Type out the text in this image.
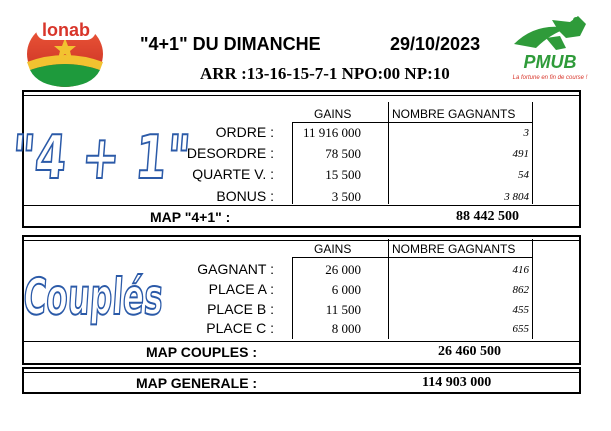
lonab
"4+1" DU DIMANCHE	29/10/2023
ARR :13-16-15-7-1 NPO:00 NP:10
PMUB
La fortune en fin de course !
"4 + 1"
GAINS	NOMBRE GAGNANTS
ORDRE : 11 916 000	3
DESORDRE :	78 500	491
QUARTE V. :	15 500	54
BONUS :	3 500	3 804
MAP "4+1" :	88 442 500
Couplés
GAINS	NOMBRE GAGNANTS
GAGNANT :	26 000	416
PLACE A :	6 000	862
PLACE B :	11 500	455
PLACE C :	8 000	655
MAP COUPLES :	26 460 500
MAP GENERALE :	114 903 000
